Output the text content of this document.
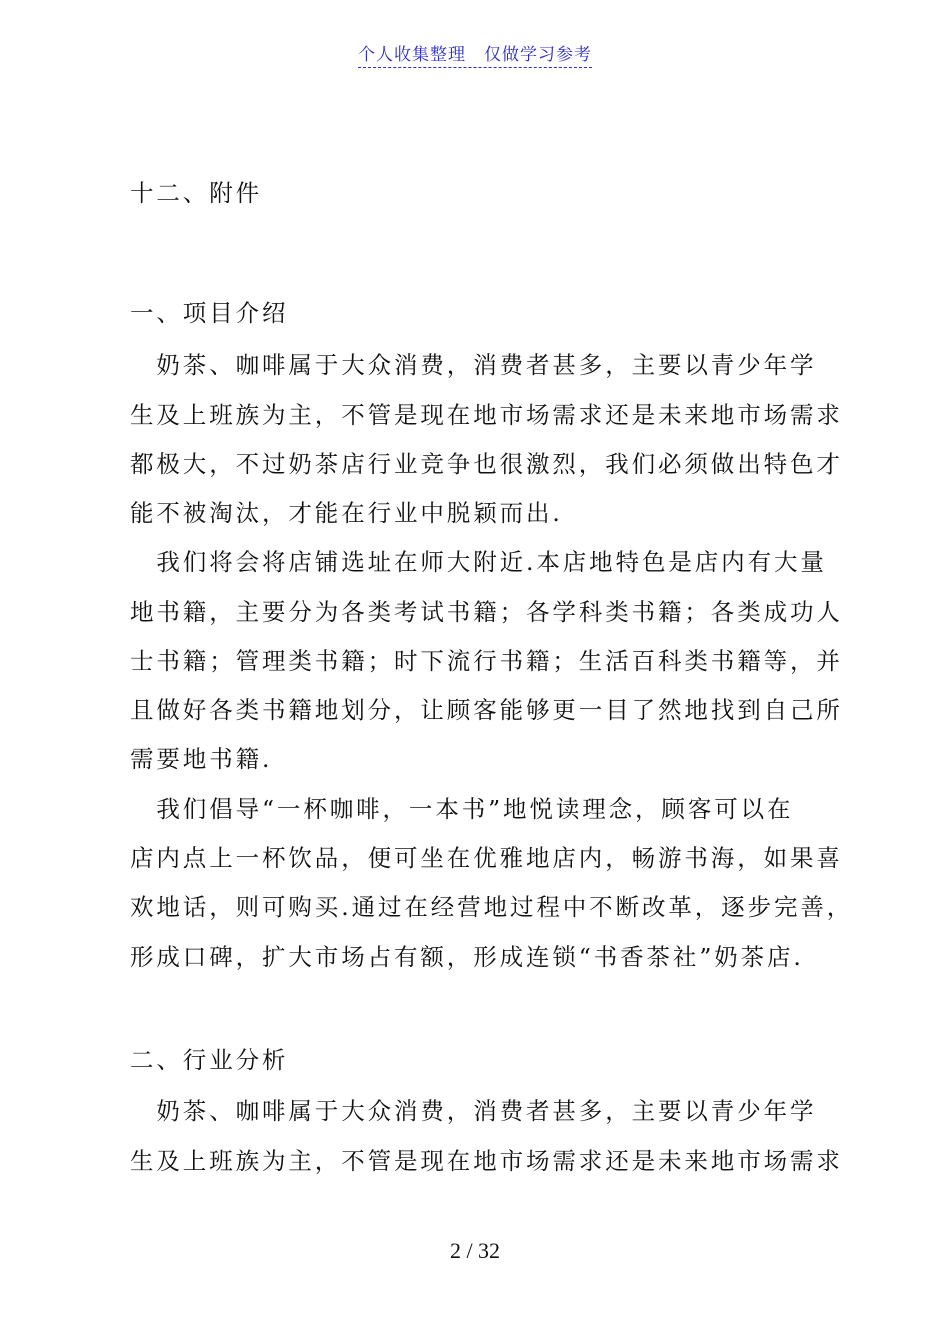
个人收集整理　仅做学习参考
十二、附件
一、项目介绍
　奶茶、咖啡属于大众消费，消费者甚多，主要以青少年学
生及上班族为主，不管是现在地市场需求还是未来地市场需求
都极大，不过奶茶店行业竞争也很激烈，我们必须做出特色才
能不被淘汰，才能在行业中脱颖而出.
　我们将会将店铺选址在师大附近.本店地特色是店内有大量
地书籍，主要分为各类考试书籍；各学科类书籍；各类成功人
士书籍；管理类书籍；时下流行书籍；生活百科类书籍等，并
且做好各类书籍地划分，让顾客能够更一目了然地找到自己所
需要地书籍.
　我们倡导“一杯咖啡，一本书”地悦读理念，顾客可以在
店内点上一杯饮品，便可坐在优雅地店内，畅游书海，如果喜
欢地话，则可购买.通过在经营地过程中不断改革，逐步完善，
形成口碑，扩大市场占有额，形成连锁“书香茶社”奶茶店.
二、行业分析
　奶茶、咖啡属于大众消费，消费者甚多，主要以青少年学
生及上班族为主，不管是现在地市场需求还是未来地市场需求
2 / 32
